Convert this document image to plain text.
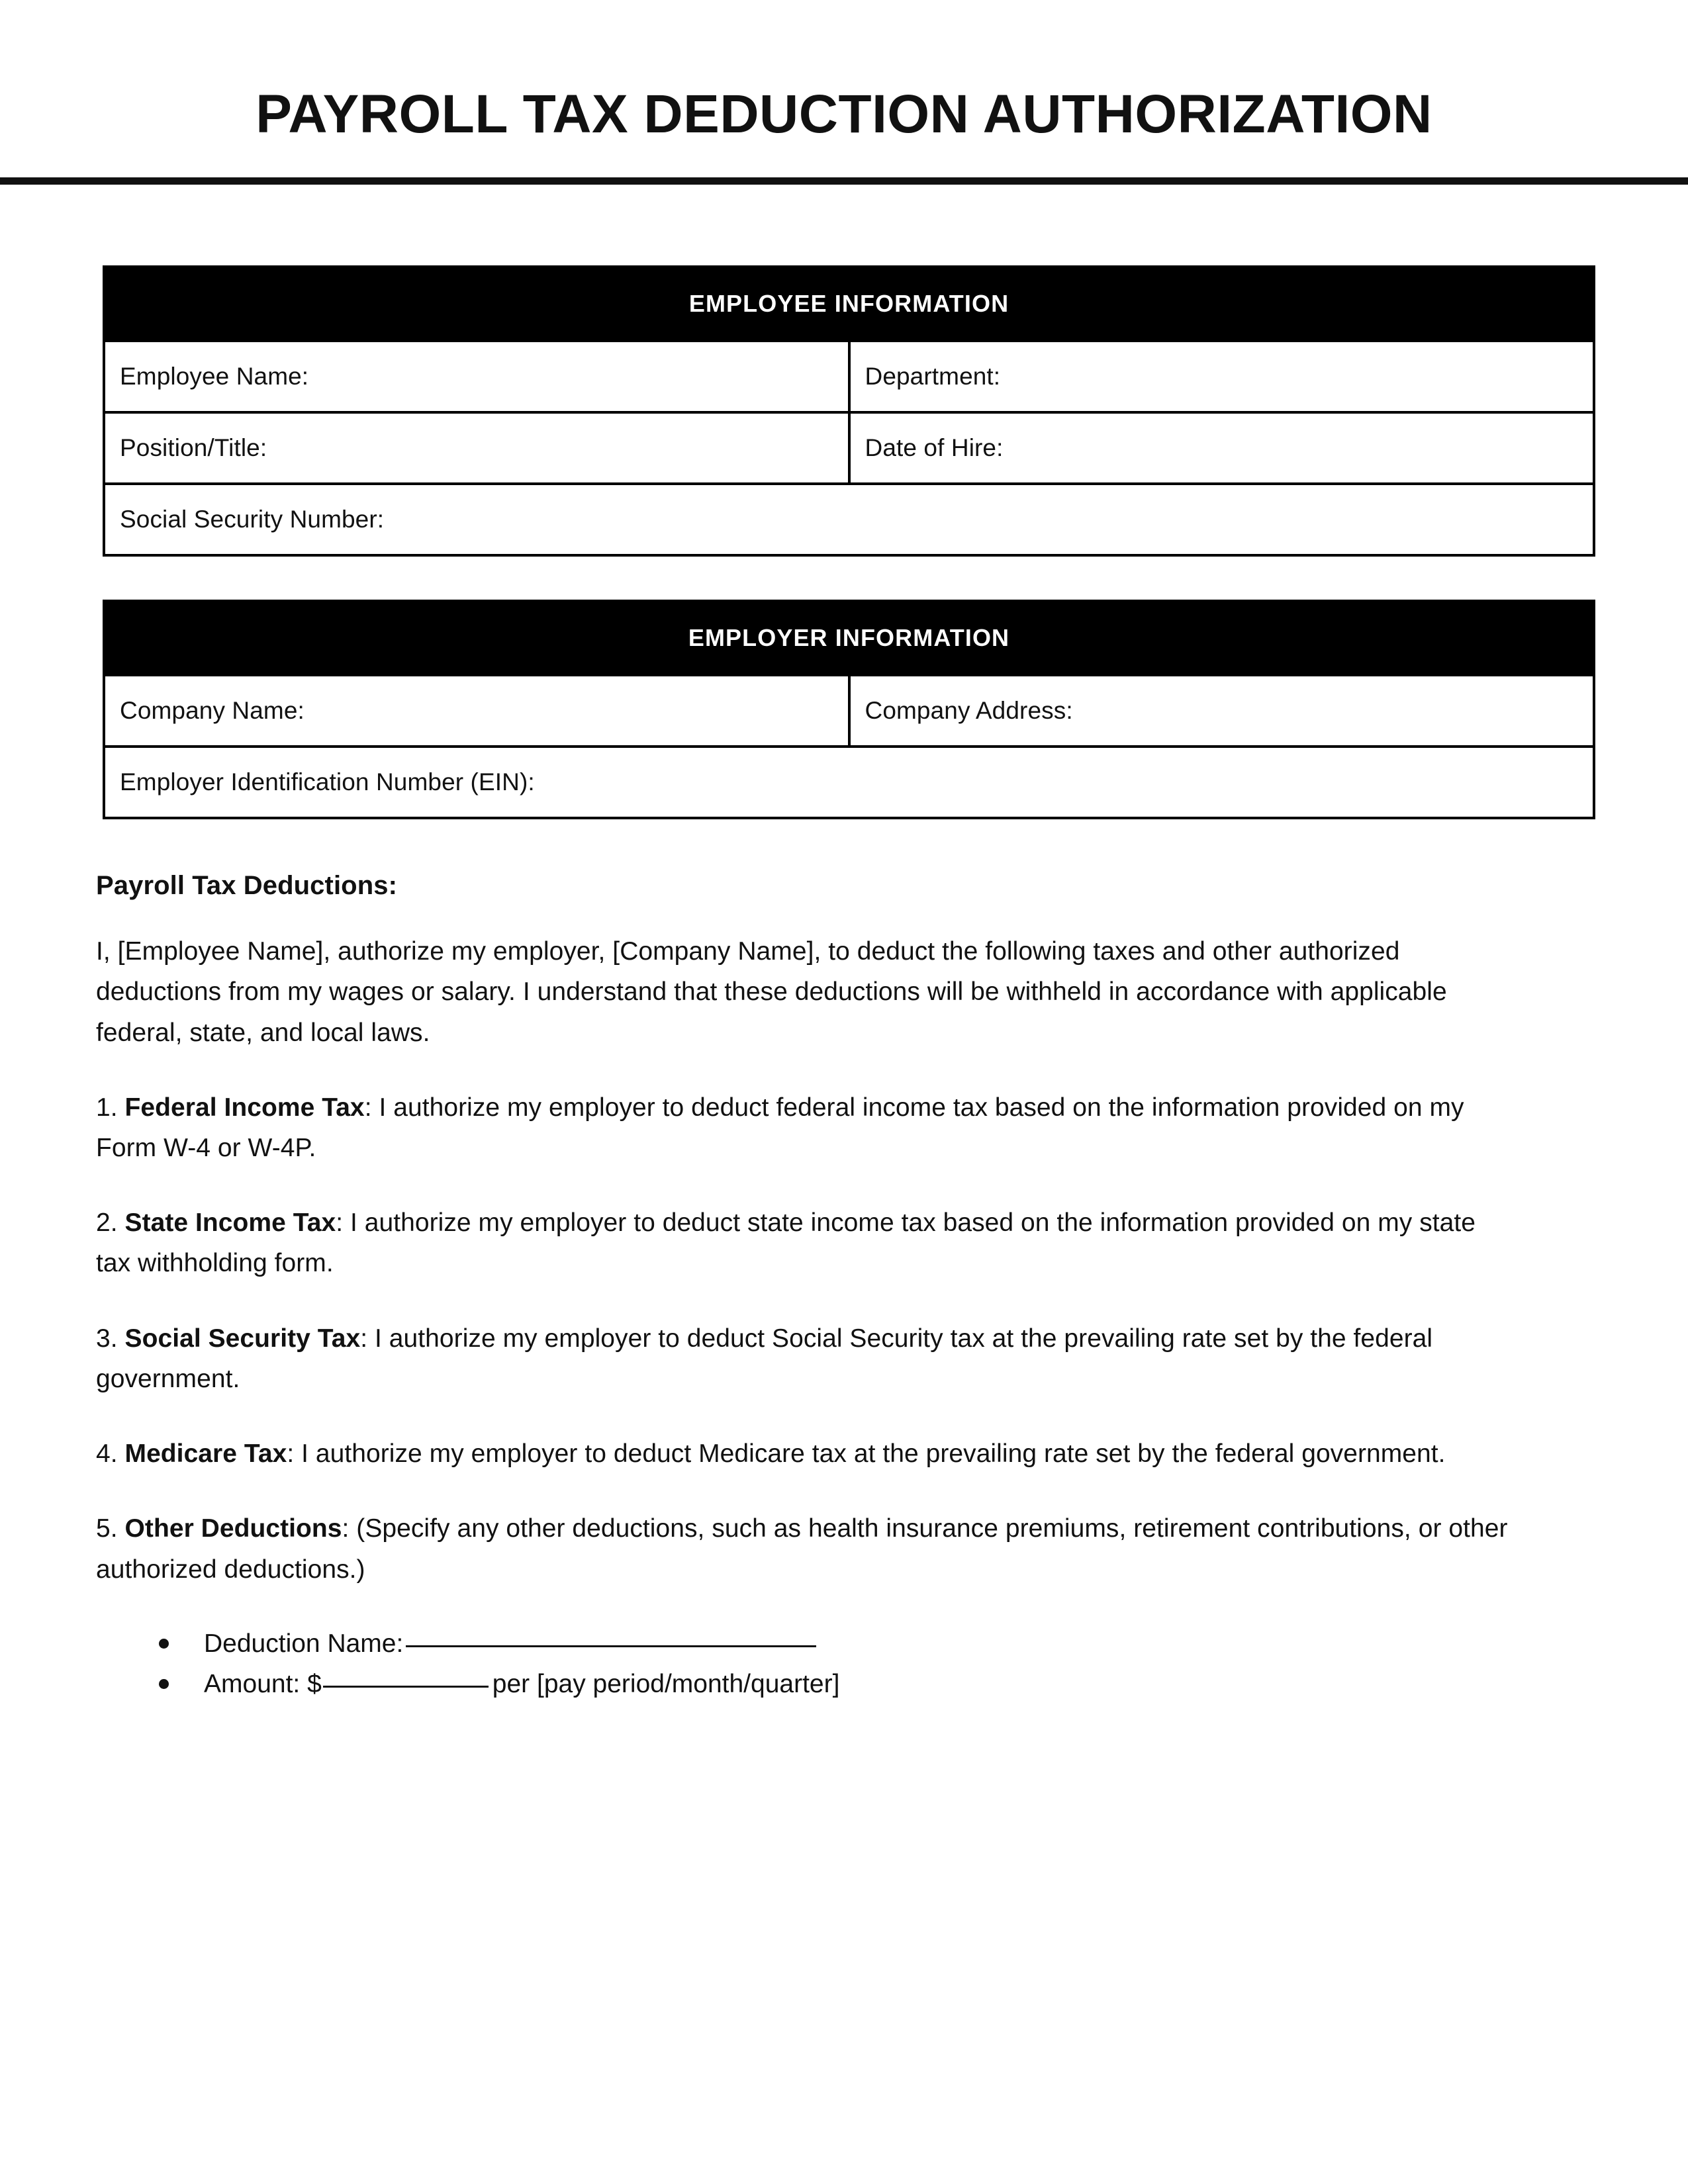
PAYROLL TAX DEDUCTION AUTHORIZATION
EMPLOYEE INFORMATION	
Employee Name:	Department:
Position/Title:	Date of Hire:
Social Security Number:	
EMPLOYER INFORMATION
Company Name:	Company Address:
Employer Identification Number (EIN):
Payroll Tax Deductions:

I, [Employee Name], authorize my employer, [Company Name], to deduct the following taxes and other authorized deductions from my wages or salary. I understand that these deductions will be withheld in accordance with applicable federal, state, and local laws.

1. Federal Income Tax: I authorize my employer to deduct federal income tax based on the information provided on my Form W-4 or W-4P.

2. State Income Tax: I authorize my employer to deduct state income tax based on the information provided on my state tax withholding form.

3. Social Security Tax: I authorize my employer to deduct Social Security tax at the prevailing rate set by the federal government.

4. Medicare Tax: I authorize my employer to deduct Medicare tax at the prevailing rate set by the federal government.

5. Other Deductions: (Specify any other deductions, such as health insurance premiums, retirement contributions, or other authorized deductions.)

Deduction Name:
Amount: $	per [pay period/month/quarter]
